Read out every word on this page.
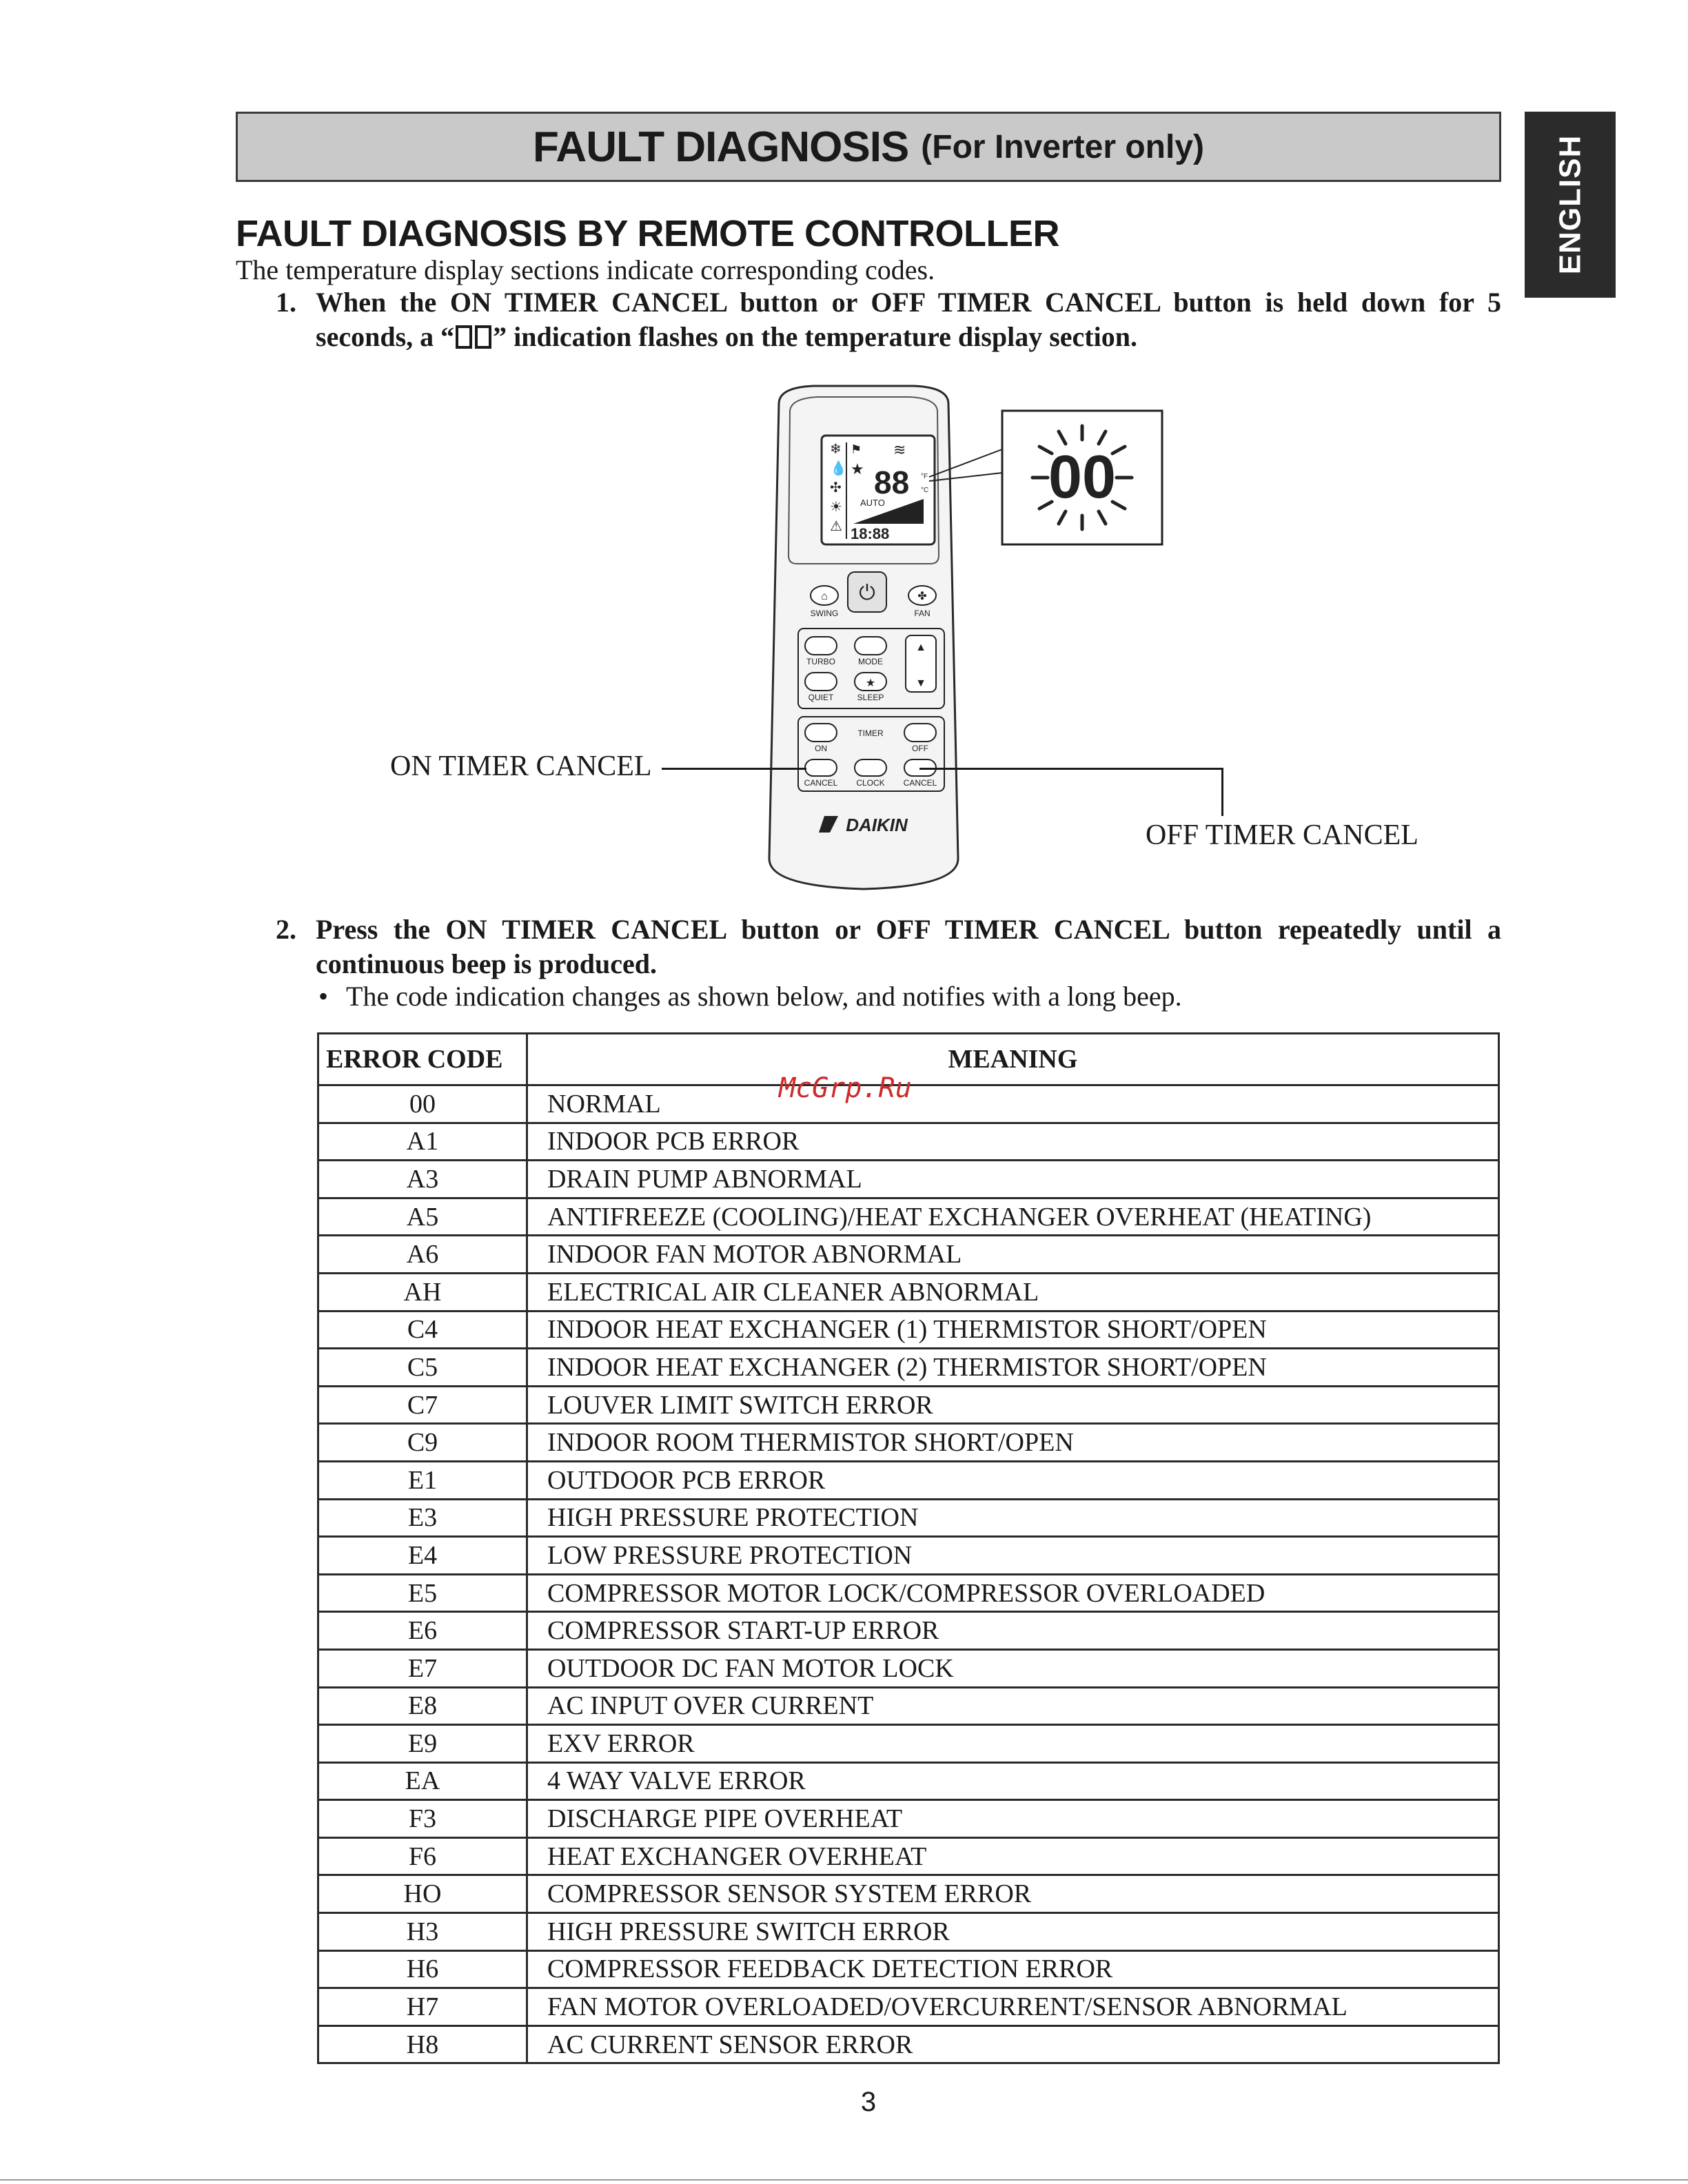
FAULT DIAGNOSIS (For Inverter only)	ENGLISH
FAULT DIAGNOSIS BY REMOTE CONTROLLER
The temperature display sections indicate corresponding codes.
1. When the ON TIMER CANCEL button or OFF TIMER CANCEL button is held down for 5 seconds, a “ ” indication flashes on the temperature display section.
❄
💧
✣
☀
⚠
⚑
★
≋
88 °F
°C
AUTO
18:88
00
⌂
SWING
⏻	✤
FAN
TURBO	MODE
QUIET
★
SLEEP
▲
▼
ON
TIMER
OFF
CANCEL CLOCK CANCEL
DAIKIN
ON TIMER CANCEL
OFF TIMER CANCEL
2. Press the ON TIMER CANCEL button or OFF TIMER CANCEL button repeatedly until a continuous beep is produced.
• The code indication changes as shown below, and notifies with a long beep.
ERROR CODE	MEANING
00	NORMAL
A1	INDOOR PCB ERROR
A3	DRAIN PUMP ABNORMAL
A5	ANTIFREEZE (COOLING)/HEAT EXCHANGER OVERHEAT (HEATING)
A6	INDOOR FAN MOTOR ABNORMAL
AH	ELECTRICAL AIR CLEANER ABNORMAL
C4	INDOOR HEAT EXCHANGER (1) THERMISTOR SHORT/OPEN
C5	INDOOR HEAT EXCHANGER (2) THERMISTOR SHORT/OPEN
C7	LOUVER LIMIT SWITCH ERROR
C9	INDOOR ROOM THERMISTOR SHORT/OPEN
E1	OUTDOOR PCB ERROR
E3	HIGH PRESSURE PROTECTION
E4	LOW PRESSURE PROTECTION
E5	COMPRESSOR MOTOR LOCK/COMPRESSOR OVERLOADED
E6	COMPRESSOR START-UP ERROR
E7	OUTDOOR DC FAN MOTOR LOCK
E8	AC INPUT OVER CURRENT
E9	EXV ERROR
EA	4 WAY VALVE ERROR
F3	DISCHARGE PIPE OVERHEAT
F6	HEAT EXCHANGER OVERHEAT
HO	COMPRESSOR SENSOR SYSTEM ERROR
H3	HIGH PRESSURE SWITCH ERROR
H6	COMPRESSOR FEEDBACK DETECTION ERROR
H7	FAN MOTOR OVERLOADED/OVERCURRENT/SENSOR ABNORMAL
H8	AC CURRENT SENSOR ERROR
McGrp.Ru
3
